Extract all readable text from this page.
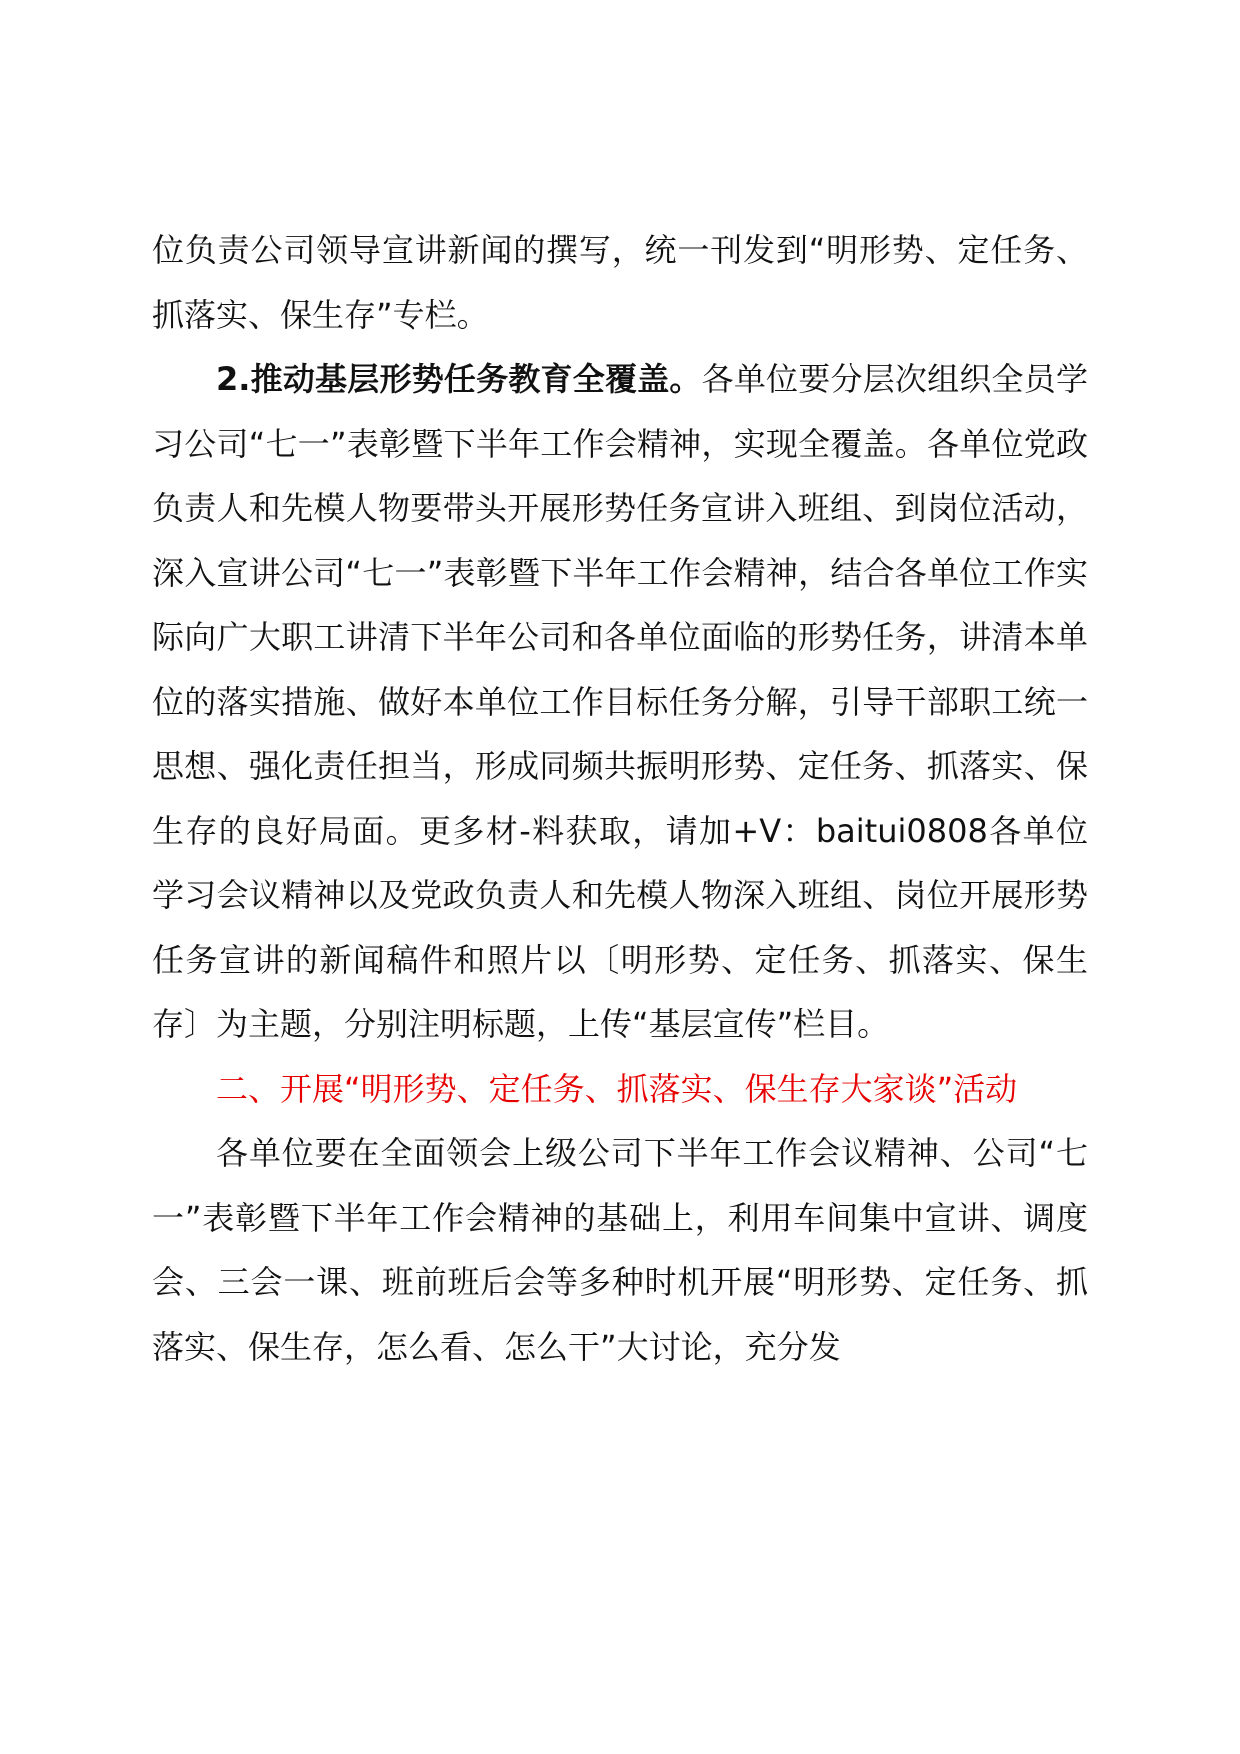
位负责公司领导宣讲新闻的撰写，统一刊发到“明形势、定任务、抓落实、保生存”专栏。

2.推动基层形势任务教育全覆盖。各单位要分层次组织全员学习公司“七一”表彰暨下半年工作会精神，实现全覆盖。各单位党政负责人和先模人物要带头开展形势任务宣讲入班组、到岗位活动，深入宣讲公司“七一”表彰暨下半年工作会精神，结合各单位工作实际向广大职工讲清下半年公司和各单位面临的形势任务，讲清本单位的落实措施、做好本单位工作目标任务分解，引导干部职工统一思想、强化责任担当，形成同频共振明形势、定任务、抓落实、保生存的良好局面。更多材-料获取，请加+V：baitui0808各单位学习会议精神以及党政负责人和先模人物深入班组、岗位开展形势任务宣讲的新闻稿件和照片以〔明形势、定任务、抓落实、保生存〕为主题，分别注明标题，上传“基层宣传”栏目。

二、开展“明形势、定任务、抓落实、保生存大家谈”活动

各单位要在全面领会上级公司下半年工作会议精神、公司“七一”表彰暨下半年工作会精神的基础上，利用车间集中宣讲、调度会、三会一课、班前班后会等多种时机开展“明形势、定任务、抓落实、保生存，怎么看、怎么干”大讨论，充分发
